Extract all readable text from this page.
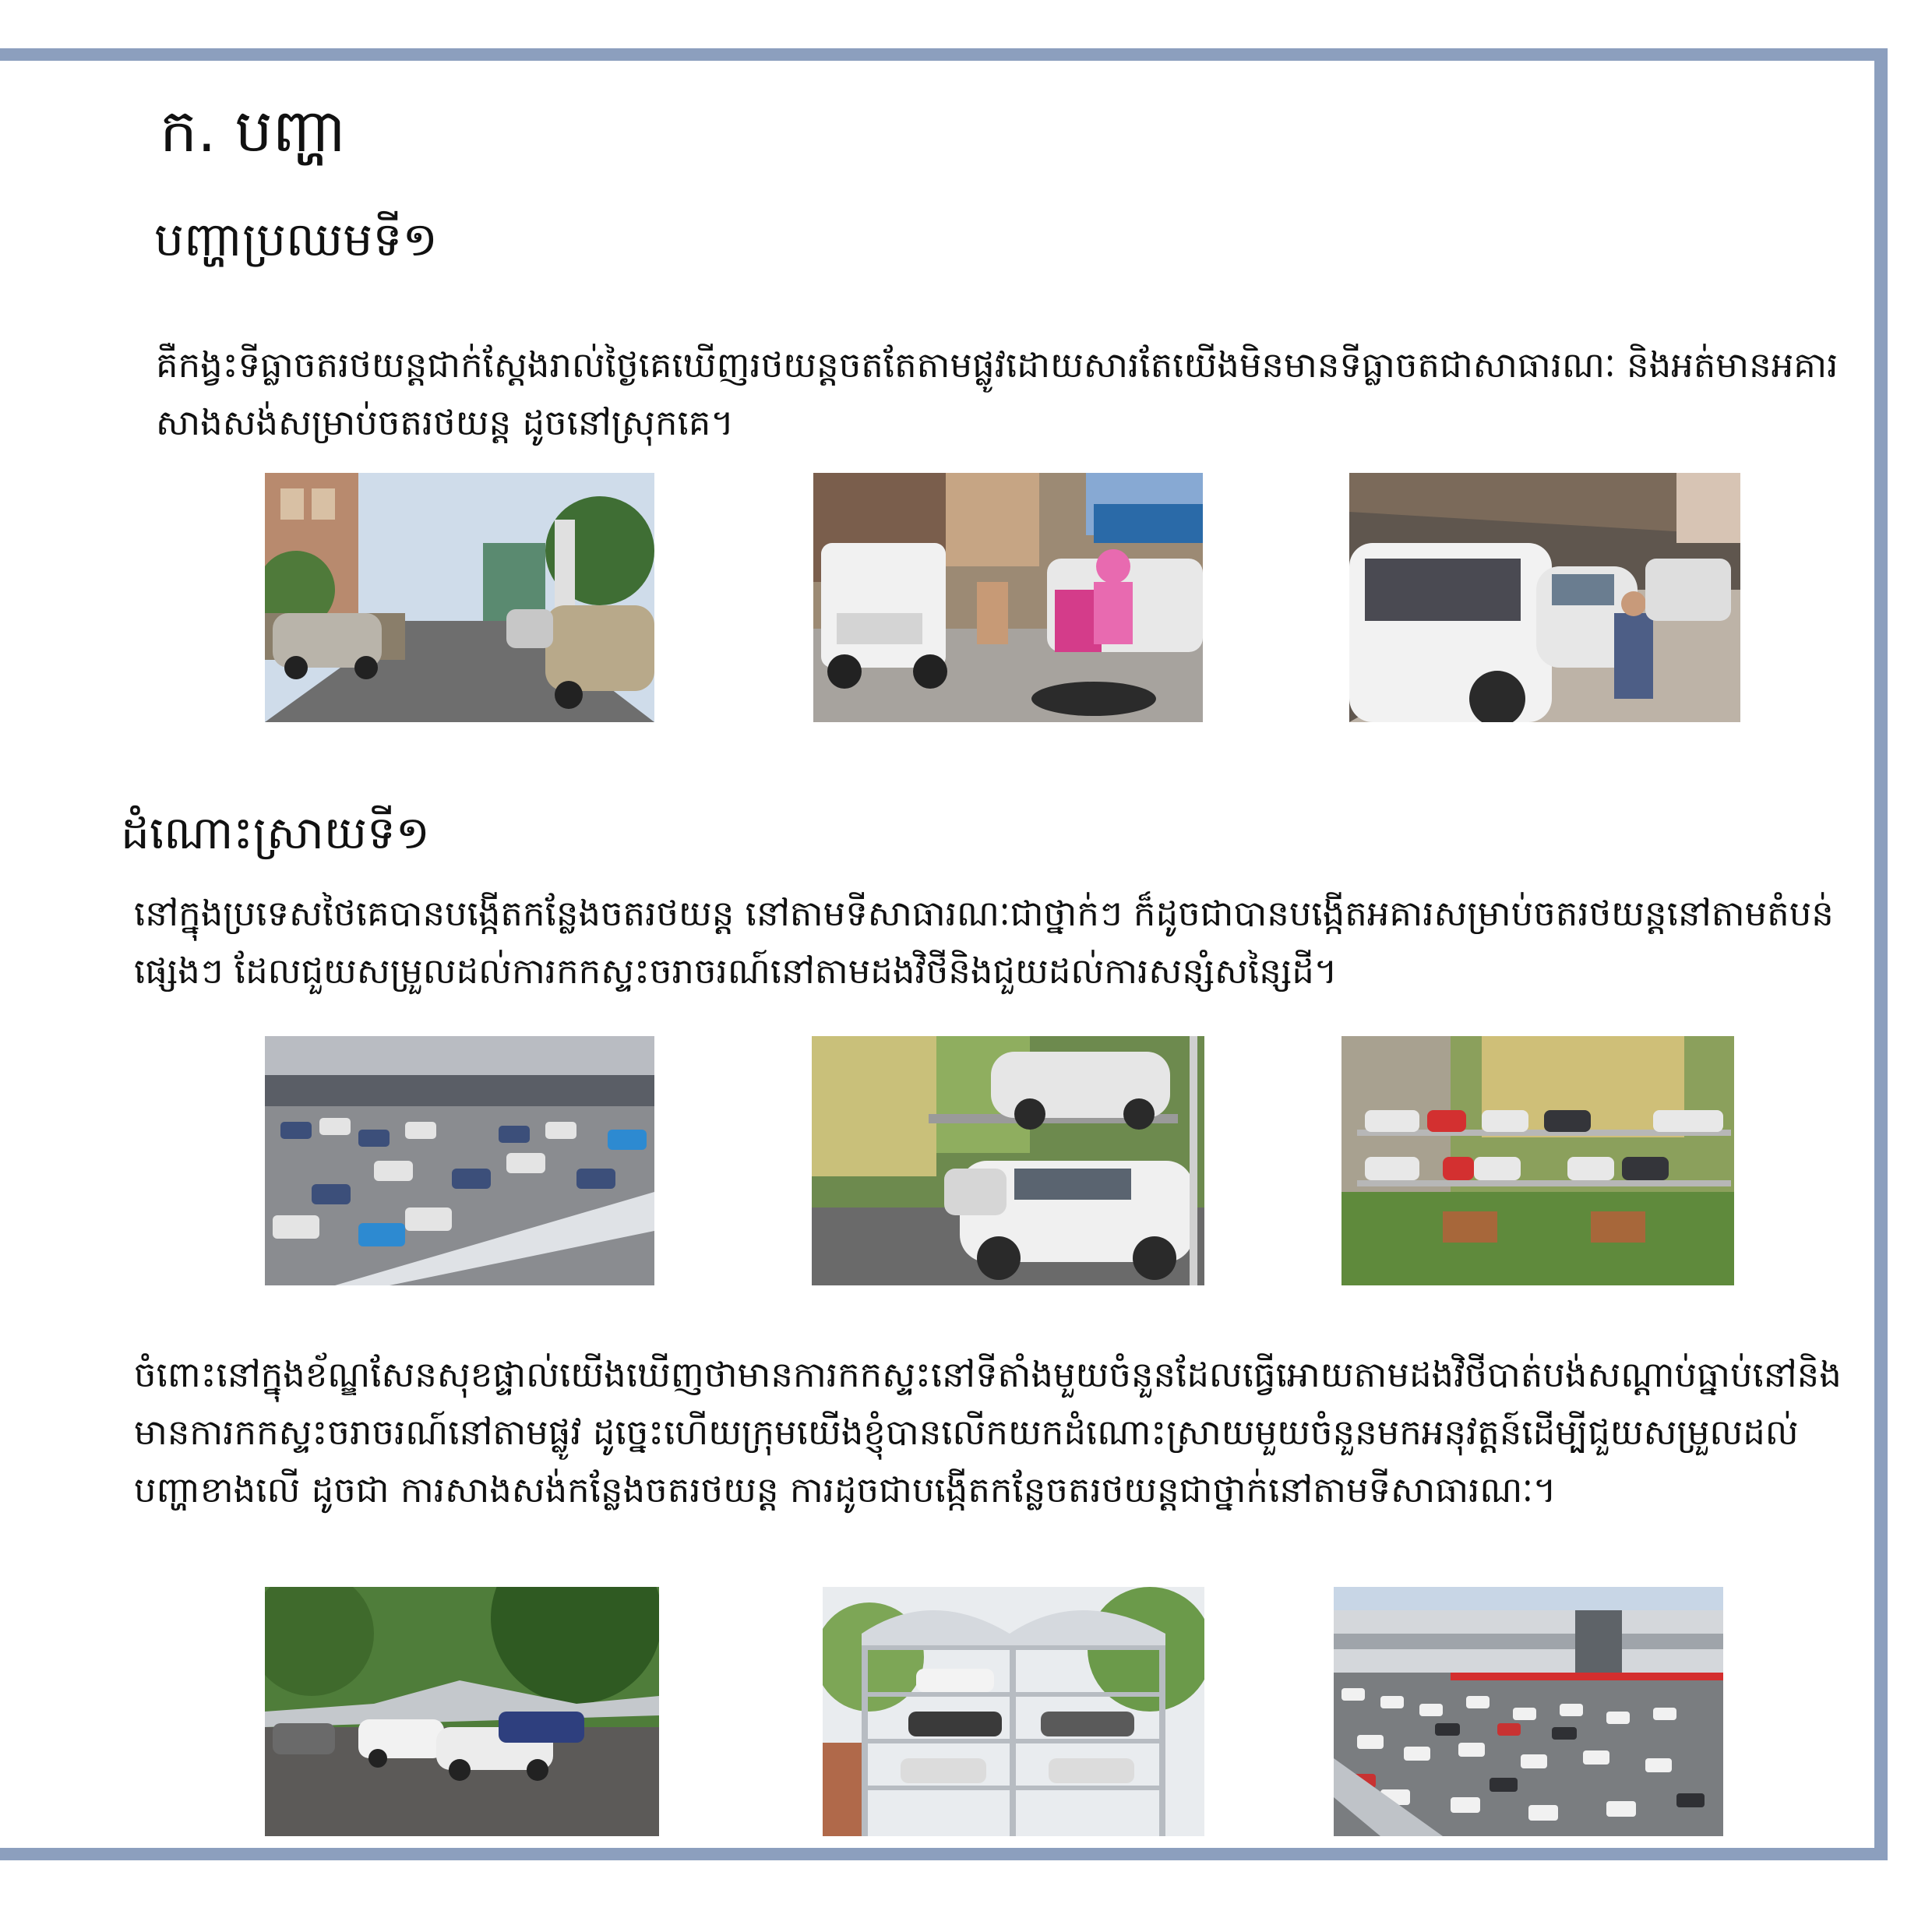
ក. បញ្ហា
បញ្ហាប្រឈមទី១
គឺកង្វះទីធ្លាចតរថយន្តជាក់ស្តែងរាល់ថ្ងៃគេឃើញរថយន្តចតតែតាមផ្លូវដោយសារតែយើងមិនមានទីធ្លាចតជាសាធារណៈ និងអត់មានអគារ
សាងសង់សម្រាប់ចតរថយន្ត ដូចនៅស្រុកគេ។
ដំណោះស្រាយទី១
នៅក្នុងប្រទេសថៃគេបានបង្កើតកន្លែងចតរថយន្ត នៅតាមទីសាធារណៈជាថ្នាក់ៗ ក៏ដូចជាបានបង្កើតអគារសម្រាប់ចតរថយន្តនៅតាមតំបន់
ផ្សេងៗ ដែលជួយសម្រួលដល់ការកកស្ទះចរាចរណ៍នៅតាមដងវិថីនិងជួយដល់ការសន្សំសន្សៃដី។
ចំពោះនៅក្នុងខ័ណ្ឌសែនសុខផ្ទាល់យើងឃើញថាមានការកកស្ទះនៅទីតាំងមួយចំនួនដែលធ្វើអោយតាមដងវិថីបាត់បង់សណ្តាប់ធ្នាប់នៅនិង
មានការកកស្ទះចរាចរណ៍នៅតាមផ្លូវ ដូច្នេះហើយក្រុមយើងខ្ញុំបានលើកយកដំណោះស្រាយមួយចំនួនមកអនុវត្តន៍ដើម្បីជួយសម្រួលដល់
បញ្ហាខាងលើ ដូចជា ការសាងសង់កន្លែងចតរថយន្ត ការដូចជាបង្កើតកន្លែចតរថយន្តជាថ្នាក់នៅតាមទីសាធារណៈ។
